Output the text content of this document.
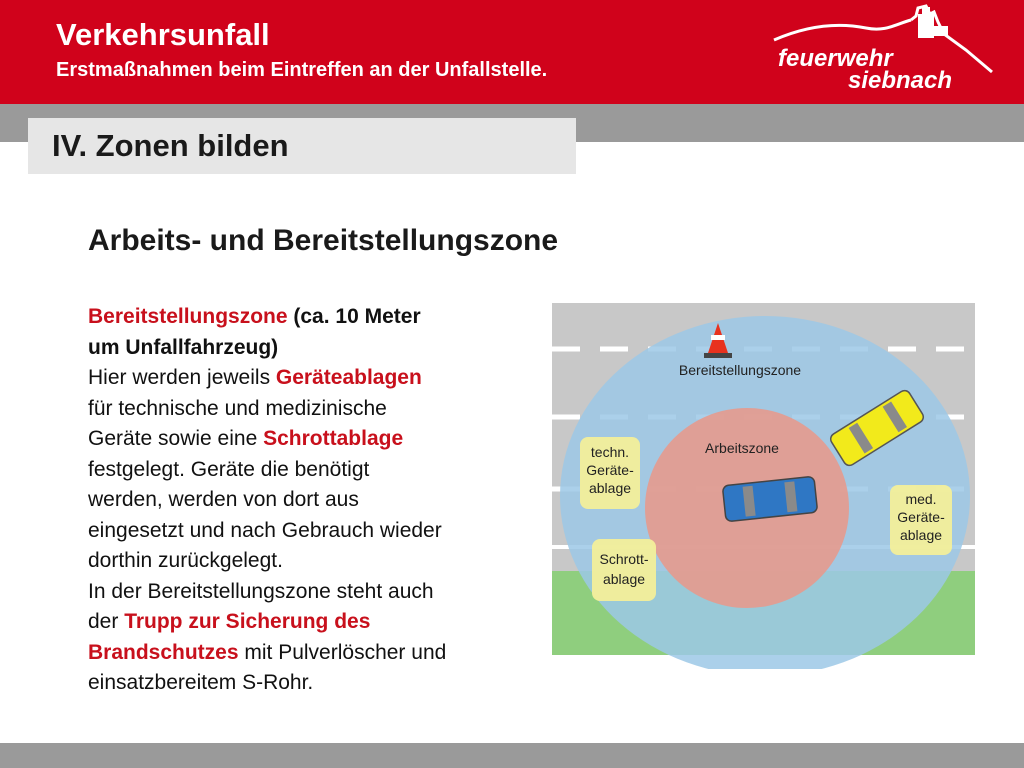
Verkehrsunfall
Erstmaßnahmen beim Eintreffen an der Unfallstelle.	feuerwehr
siebnach
IV. Zonen bilden
Arbeits- und Bereitstellungszone
Bereitstellungszone (ca. 10 Meter
um Unfallfahrzeug)
Hier werden jeweils Geräteablagen
für technische und medizinische
Geräte sowie eine Schrottablage
festgelegt. Geräte die benötigt
werden, werden von dort aus
eingesetzt und nach Gebrauch wieder
dorthin zurückgelegt.
In der Bereitstellungszone steht auch
der Trupp zur Sicherung des
Brandschutzes mit Pulverlöscher und
einsatzbereitem S-Rohr.
Bereitstellungszone
Arbeitszone
techn.
Geräte-
ablage
med.
Geräte-
ablage
Schrott-
ablage
